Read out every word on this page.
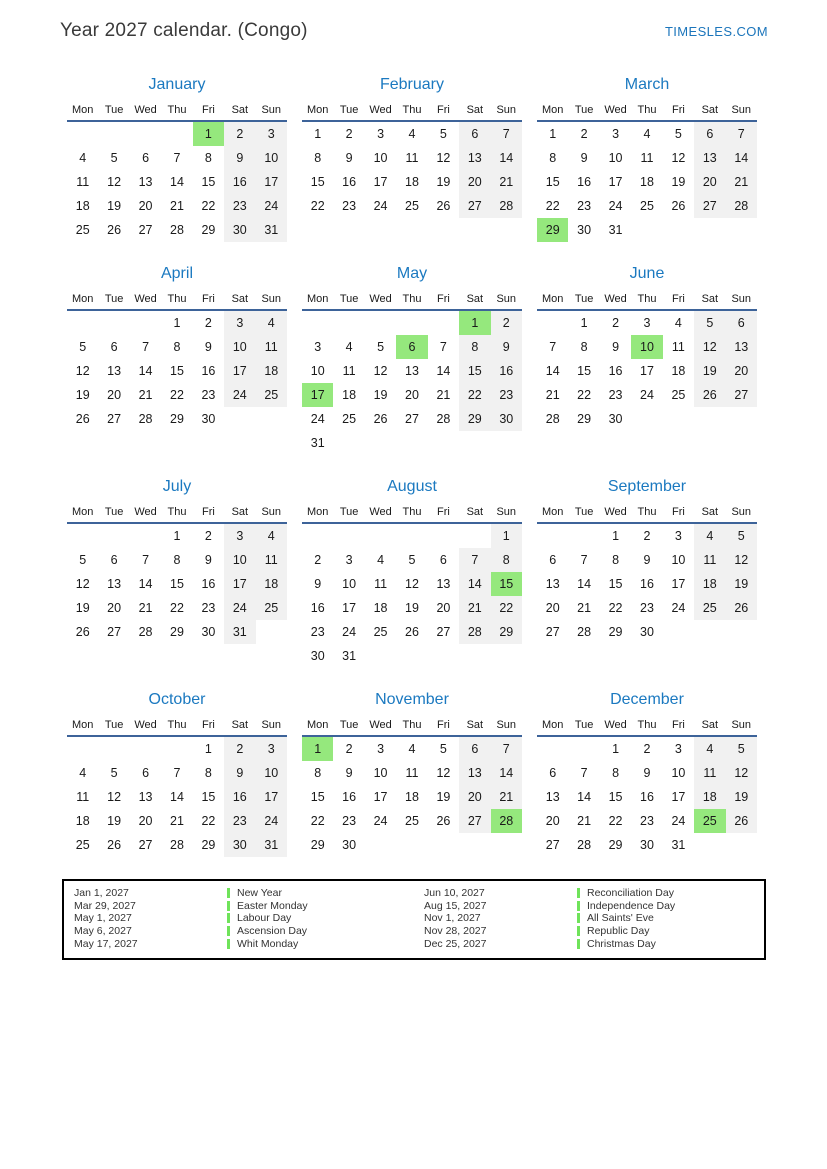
Year 2027 calendar. (Congo)	TIMESLES.COM
January
Mon	Tue	Wed	Thu	Fri	Sat	Sun
				1	2	3
4	5	6	7	8	9	10
11	12	13	14	15	16	17
18	19	20	21	22	23	24
25	26	27	28	29	30	31
February
Mon	Tue	Wed	Thu	Fri	Sat	Sun
1	2	3	4	5	6	7
8	9	10	11	12	13	14
15	16	17	18	19	20	21
22	23	24	25	26	27	28
March
Mon	Tue	Wed	Thu	Fri	Sat	Sun
1	2	3	4	5	6	7
8	9	10	11	12	13	14
15	16	17	18	19	20	21
22	23	24	25	26	27	28
29	30	31				
April
Mon	Tue	Wed	Thu	Fri	Sat	Sun
			1	2	3	4
5	6	7	8	9	10	11
12	13	14	15	16	17	18
19	20	21	22	23	24	25
26	27	28	29	30		
May
Mon	Tue	Wed	Thu	Fri	Sat	Sun
					1	2
3	4	5	6	7	8	9
10	11	12	13	14	15	16
17	18	19	20	21	22	23
24	25	26	27	28	29	30
31						
June
Mon	Tue	Wed	Thu	Fri	Sat	Sun
	1	2	3	4	5	6
7	8	9	10	11	12	13
14	15	16	17	18	19	20
21	22	23	24	25	26	27
28	29	30				
July
Mon	Tue	Wed	Thu	Fri	Sat	Sun
			1	2	3	4
5	6	7	8	9	10	11
12	13	14	15	16	17	18
19	20	21	22	23	24	25
26	27	28	29	30	31	
August
Mon	Tue	Wed	Thu	Fri	Sat	Sun
						1
2	3	4	5	6	7	8
9	10	11	12	13	14	15
16	17	18	19	20	21	22
23	24	25	26	27	28	29
30	31					
September
Mon	Tue	Wed	Thu	Fri	Sat	Sun
		1	2	3	4	5
6	7	8	9	10	11	12
13	14	15	16	17	18	19
20	21	22	23	24	25	26
27	28	29	30			
October
Mon	Tue	Wed	Thu	Fri	Sat	Sun
				1	2	3
4	5	6	7	8	9	10
11	12	13	14	15	16	17
18	19	20	21	22	23	24
25	26	27	28	29	30	31
November
Mon	Tue	Wed	Thu	Fri	Sat	Sun
1	2	3	4	5	6	7
8	9	10	11	12	13	14
15	16	17	18	19	20	21
22	23	24	25	26	27	28
29	30					
December
Mon	Tue	Wed	Thu	Fri	Sat	Sun
		1	2	3	4	5
6	7	8	9	10	11	12
13	14	15	16	17	18	19
20	21	22	23	24	25	26
27	28	29	30	31		
Jan 1, 2027	New Year
Mar 29, 2027	Easter Monday
May 1, 2027	Labour Day
May 6, 2027	Ascension Day
May 17, 2027	Whit Monday
Jun 10, 2027	Reconciliation Day
Aug 15, 2027	Independence Day
Nov 1, 2027	All Saints' Eve
Nov 28, 2027	Republic Day
Dec 25, 2027	Christmas Day
